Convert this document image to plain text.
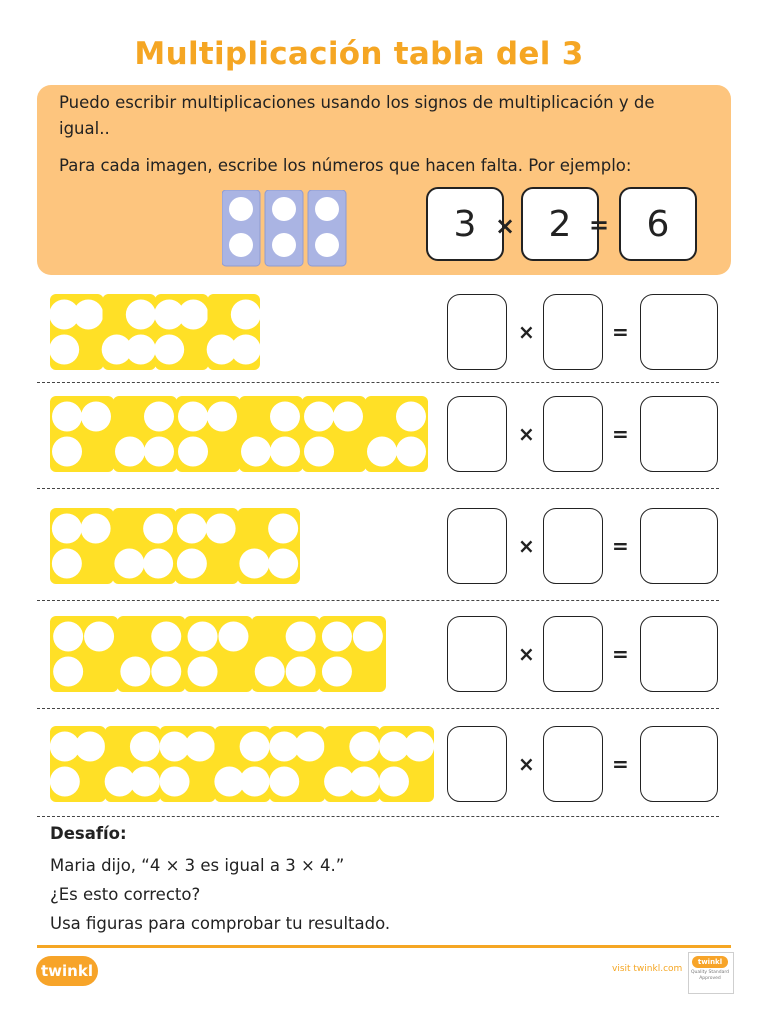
Multiplicación tabla del 3

Puedo escribir multiplicaciones usando los signos de multiplicación y de igual..

Para cada imagen, escribe los números que hacen falta. Por ejemplo:

3 × 2 =	6
×	=
×	=
×	=
×	=
×	=

Desafío:

Maria dijo, “4 × 3 es igual a 3 × 4.”

¿Es esto correcto?

Usa figuras para comprobar tu resultado.

twinkl	visit twinkl.com
twinkl
Quality Standard Approved
